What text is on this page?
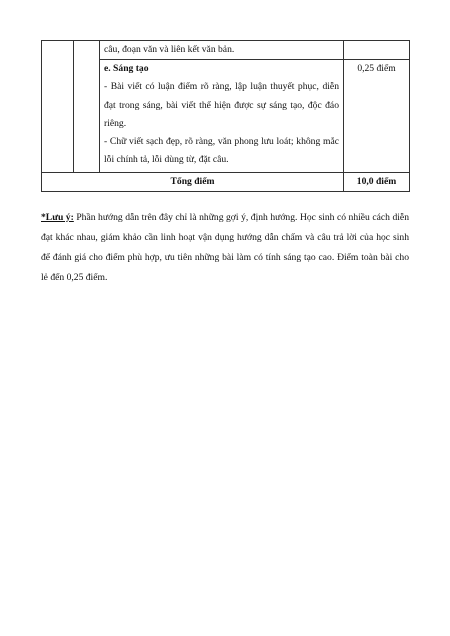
		câu, đoạn văn và liên kết văn bản.	

		e. Sáng tạo
- Bài viết có luận điểm rõ ràng, lập luận thuyết phục, diễn đạt trong sáng, bài viết thể hiện được sự sáng tạo, độc đáo riêng.
- Chữ viết sạch đẹp, rõ ràng, văn phong lưu loát; không mắc lỗi chính tả, lỗi dùng từ, đặt câu.	0,25 điểm
Tổng điểm			10,0 điểm
*Lưu ý: Phần hướng dẫn trên đây chỉ là những gợi ý, định hướng. Học sinh có nhiều cách diễn đạt khác nhau, giám khảo cần linh hoạt vận dụng hướng dẫn chấm và câu trả lời của học sinh để đánh giá cho điểm phù hợp, ưu tiên những bài làm có tính sáng tạo cao. Điểm toàn bài cho lẻ đến 0,25 điểm.
